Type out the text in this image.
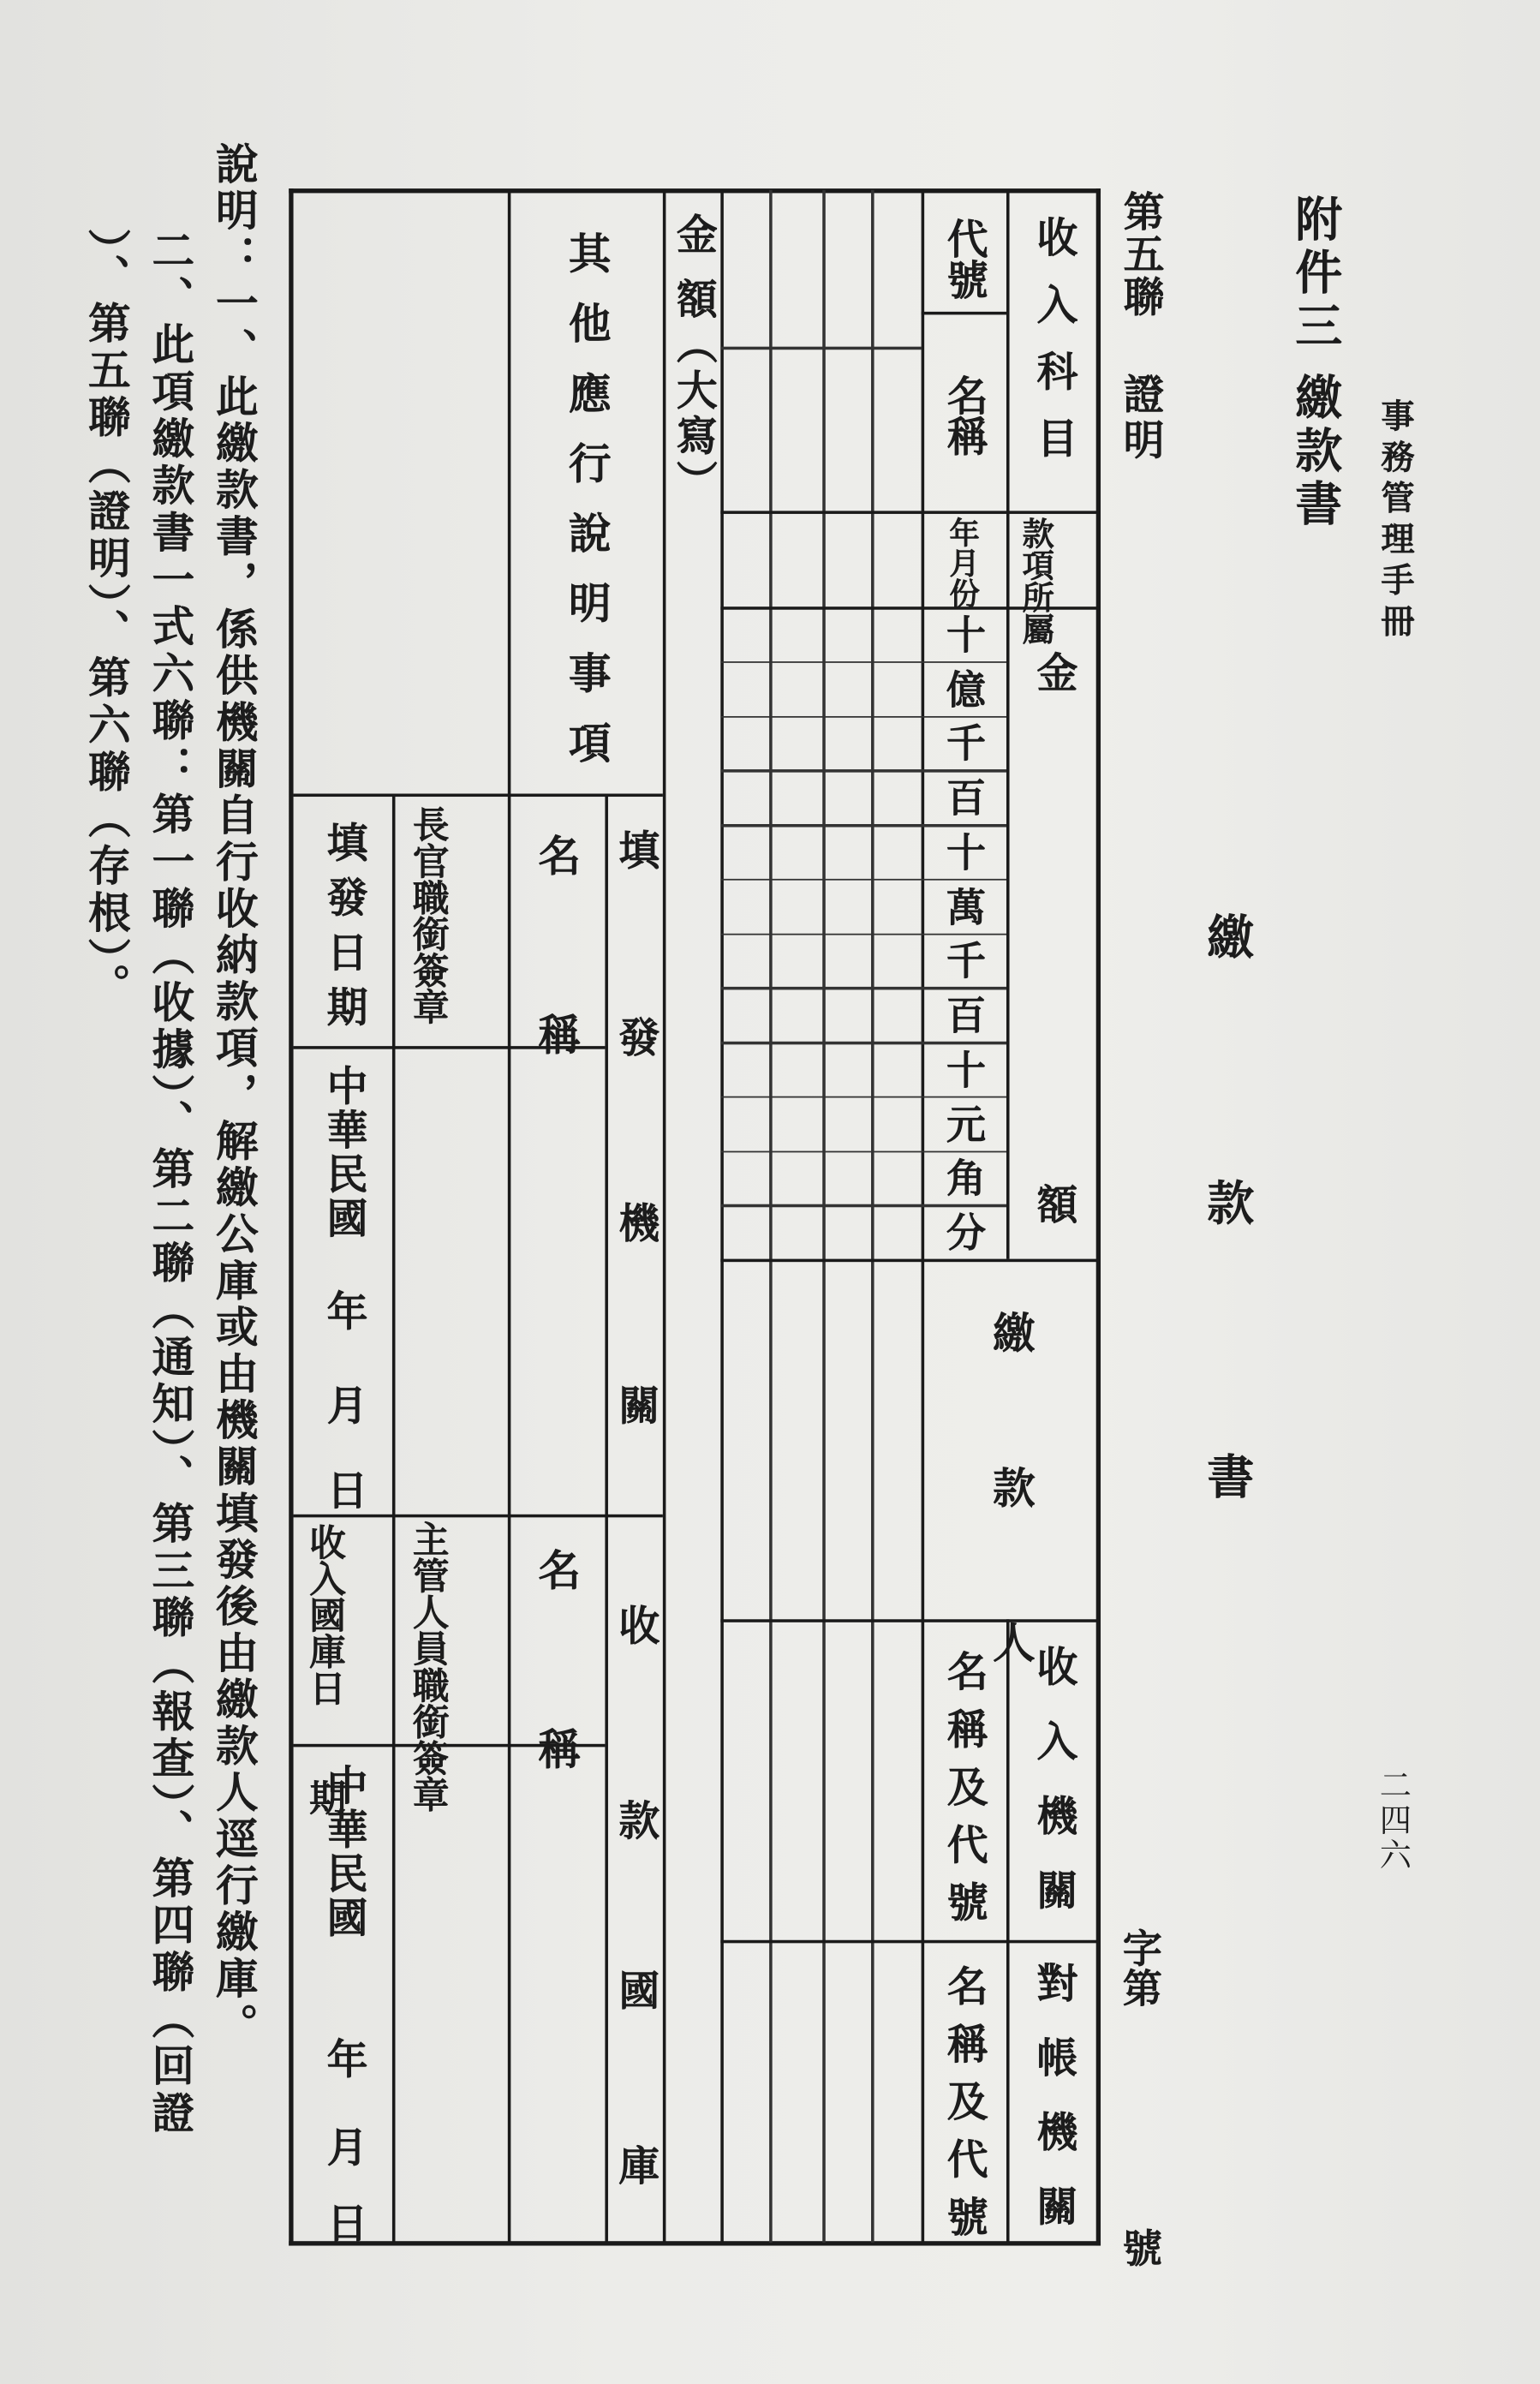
事務管理手冊
二四六
附件三
繳款書
繳
款
書
第五聯
證明
字第
號
收入科目
款項所屬
金
額
繳 款 人
收入機關
對帳機關
代號
名稱
年月份
十
億
千
百
十
萬
千
百
十
元
角
分
名稱及代號
名稱及代號
金 額（大寫）
其他應行說明事項
填
發
機
關
名 稱
長官職銜簽章
填發日期
中華民國
年
月
日
收
款
國
庫
名 稱
主管人員職銜簽章
收入國庫日　　期
中華民國
年
月
日
說明：一、此繳款書，係供機關自行收納款項，解繳公庫或由機關填發後由繳款人逕行繳庫。
二、此項繳款書一式六聯：第一聯（收據）、第二聯（通知）、第三聯（報查）、第四聯（回證
）、第五聯（證明）、第六聯（存根）。
